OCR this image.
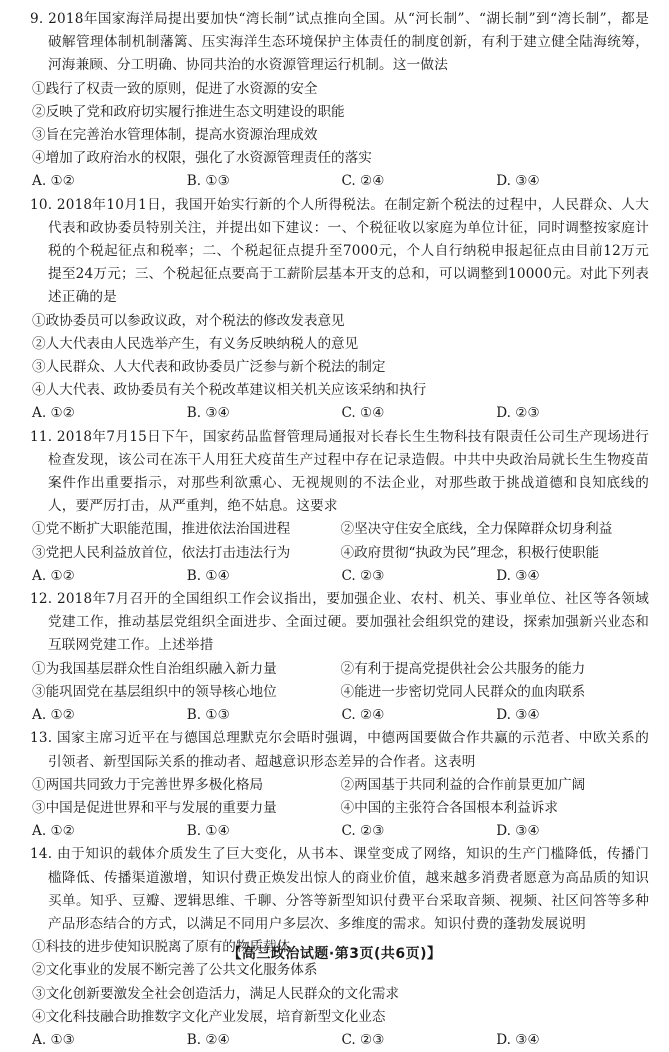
9. 2018年国家海洋局提出要加快“湾长制”试点推向全国。从“河长制”、“湖长制”到“湾长制”，都是破解管理体制机制藩篱、压实海洋生态环境保护主体责任的制度创新，有利于建立健全陆海统筹，河海兼顾、分工明确、协同共治的水资源管理运行机制。这一做法
①践行了权责一致的原则，促进了水资源的安全
②反映了党和政府切实履行推进生态文明建设的职能
③旨在完善治水管理体制，提高水资源治理成效
④增加了政府治水的权限，强化了水资源管理责任的落实
A. ①②	B. ①③	C. ②④	D. ③④
10. 2018年10月1日，我国开始实行新的个人所得税法。在制定新个税法的过程中，人民群众、人大代表和政协委员特别关注，并提出如下建议：一、个税征收以家庭为单位计征，同时调整按家庭计税的个税起征点和税率；二、个税起征点提升至7000元，个人自行纳税申报起征点由目前12万元提至24万元；三、个税起征点要高于工薪阶层基本开支的总和，可以调整到10000元。对此下列表述正确的是
①政协委员可以参政议政，对个税法的修改发表意见
②人大代表由人民选举产生，有义务反映纳税人的意见
③人民群众、人大代表和政协委员广泛参与新个税法的制定
④人大代表、政协委员有关个税改革建议相关机关应该采纳和执行
A. ①②	B. ③④	C. ①④	D. ②③
11. 2018年7月15日下午，国家药品监督管理局通报对长春长生生物科技有限责任公司生产现场进行检查发现，该公司在冻干人用狂犬疫苗生产过程中存在记录造假。中共中央政治局就长生生物疫苗案件作出重要指示，对那些利欲熏心、无视规则的不法企业，对那些敢于挑战道德和良知底线的人，要严厉打击，从严重判，绝不姑息。这要求
①党不断扩大职能范围，推进依法治国进程	②坚决守住安全底线，全力保障群众切身利益
③党把人民利益放首位，依法打击违法行为	④政府贯彻“执政为民”理念，积极行使职能
A. ①②	B. ①④	C. ②③	D. ③④
12. 2018年7月召开的全国组织工作会议指出，要加强企业、农村、机关、事业单位、社区等各领域党建工作，推动基层党组织全面进步、全面过硬。要加强社会组织党的建设，探索加强新兴业态和互联网党建工作。上述举措
①为我国基层群众性自治组织融入新力量	②有利于提高党提供社会公共服务的能力
③能巩固党在基层组织中的领导核心地位	④能进一步密切党同人民群众的血肉联系
A. ①②	B. ①③	C. ②④	D. ③④
13. 国家主席习近平在与德国总理默克尔会晤时强调，中德两国要做合作共赢的示范者、中欧关系的引领者、新型国际关系的推动者、超越意识形态差异的合作者。这表明
①两国共同致力于完善世界多极化格局	②两国基于共同利益的合作前景更加广阔
③中国是促进世界和平与发展的重要力量	④中国的主张符合各国根本利益诉求
A. ①②	B. ①④	C. ②③	D. ③④
14. 由于知识的载体介质发生了巨大变化，从书本、课堂变成了网络，知识的生产门槛降低，传播门槛降低、传播渠道激增，知识付费正焕发出惊人的商业价值，越来越多消费者愿意为高品质的知识买单。知乎、豆瓣、逻辑思维、千聊、分答等新型知识付费平台采取音频、视频、社区问答等多种产品形态结合的方式，以满足不同用户多层次、多维度的需求。知识付费的蓬勃发展说明
①科技的进步使知识脱离了原有的物质载体
②文化事业的发展不断完善了公共文化服务体系
③文化创新要激发全社会创造活力，满足人民群众的文化需求
④文化科技融合助推数字文化产业发展，培育新型文化业态
A. ①③	B. ②④	C. ②③	D. ③④
【高三政治试题·第3页(共6页)】
